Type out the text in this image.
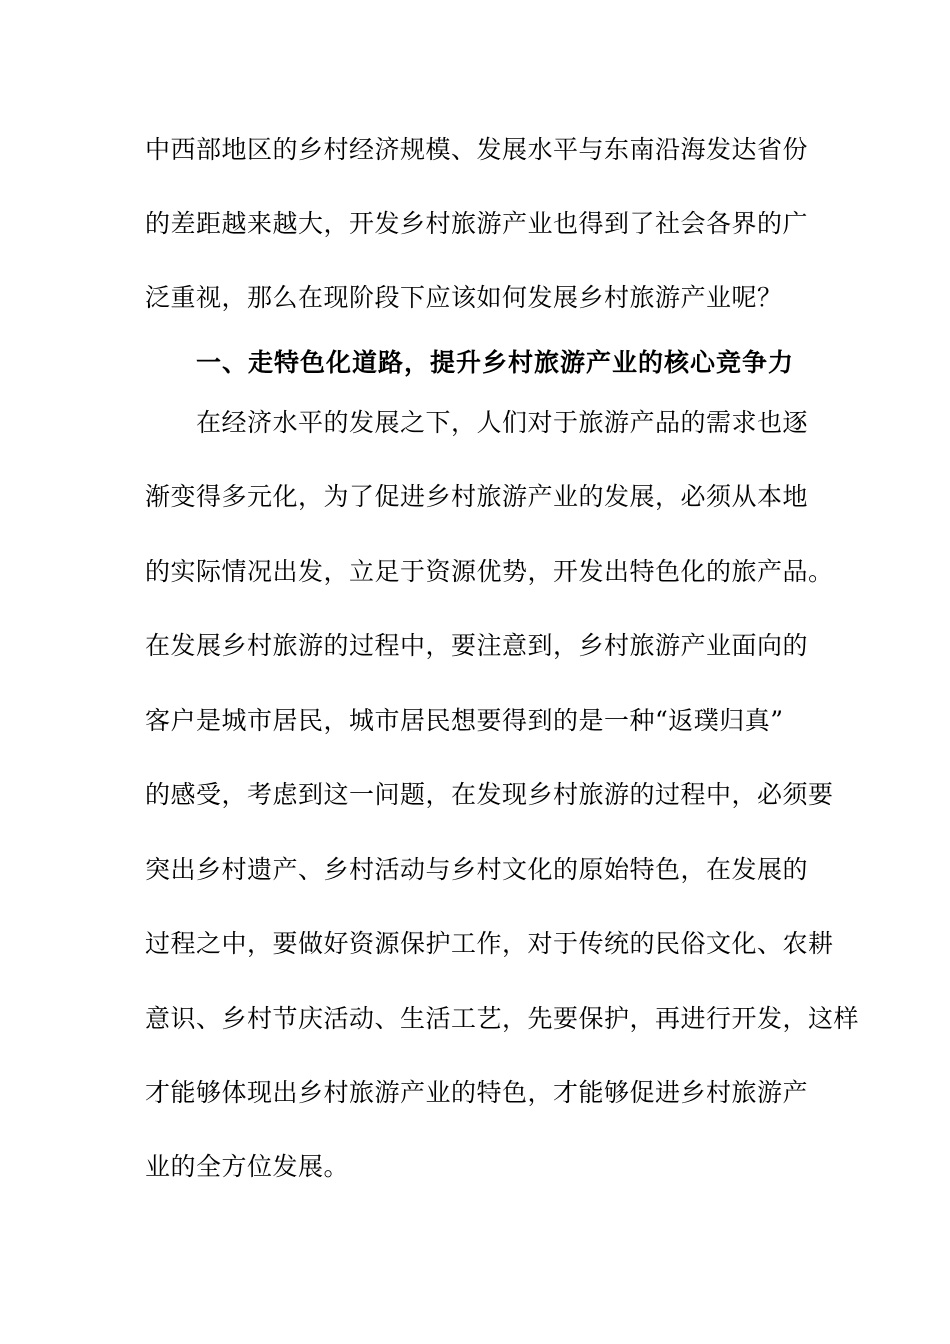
中西部地区的乡村经济规模、发展水平与东南沿海发达省份
的差距越来越大，开发乡村旅游产业也得到了社会各界的广
泛重视，那么在现阶段下应该如何发展乡村旅游产业呢？
一、走特色化道路，提升乡村旅游产业的核心竞争力
在经济水平的发展之下，人们对于旅游产品的需求也逐
渐变得多元化，为了促进乡村旅游产业的发展，必须从本地
的实际情况出发，立足于资源优势，开发出特色化的旅产品。
在发展乡村旅游的过程中，要注意到，乡村旅游产业面向的
客户是城市居民，城市居民想要得到的是一种“返璞归真”
的感受，考虑到这一问题，在发现乡村旅游的过程中，必须要
突出乡村遗产、乡村活动与乡村文化的原始特色，在发展的
过程之中，要做好资源保护工作，对于传统的民俗文化、农耕
意识、乡村节庆活动、生活工艺，先要保护，再进行开发，这样
才能够体现出乡村旅游产业的特色，才能够促进乡村旅游产
业的全方位发展。
